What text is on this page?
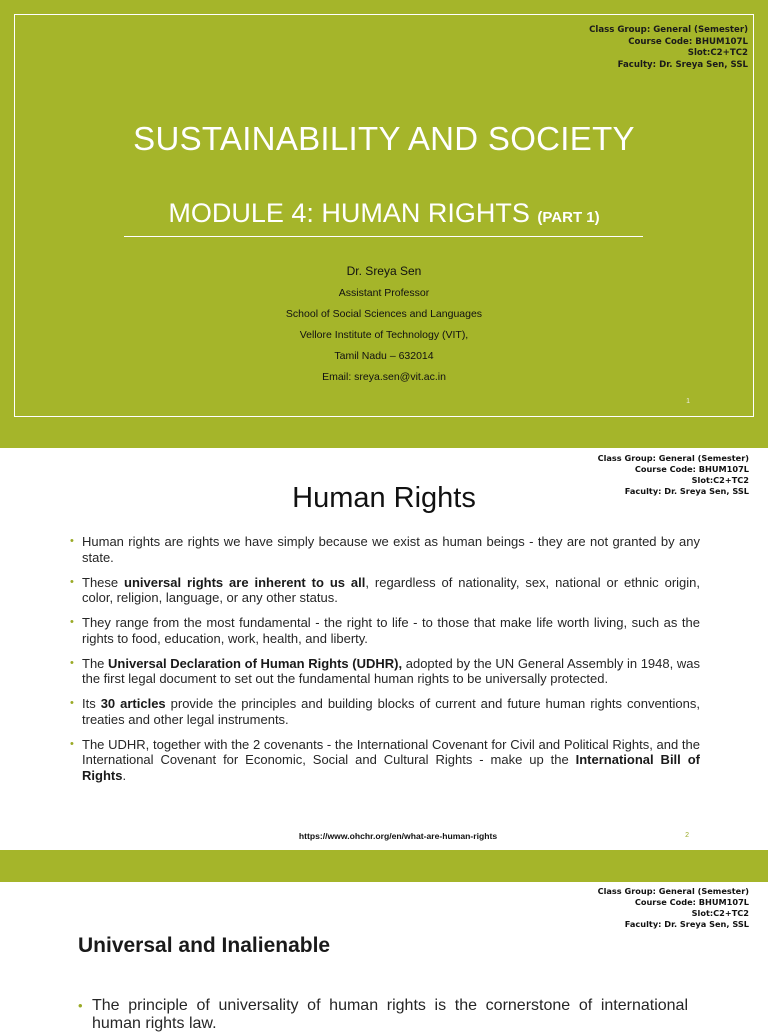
Class Group: General (Semester)
Course Code: BHUM107L
Slot:C2+TC2
Faculty: Dr. Sreya Sen, SSL
SUSTAINABILITY AND SOCIETY
MODULE 4: HUMAN RIGHTS (PART 1)
Dr. Sreya Sen
Assistant Professor
School of Social Sciences and Languages
Vellore Institute of Technology (VIT),
Tamil Nadu – 632014
Email: sreya.sen@vit.ac.in
1
Class Group: General (Semester)
Course Code: BHUM107L
Slot:C2+TC2
Faculty: Dr. Sreya Sen, SSL
Human Rights
• Human rights are rights we have simply because we exist as human beings - they are not granted by any state.
• These universal rights are inherent to us all, regardless of nationality, sex, national or ethnic origin, color, religion, language, or any other status.
• They range from the most fundamental - the right to life - to those that make life worth living, such as the rights to food, education, work, health, and liberty.
• The Universal Declaration of Human Rights (UDHR), adopted by the UN General Assembly in 1948, was the first legal document to set out the fundamental human rights to be universally protected.
• Its 30 articles provide the principles and building blocks of current and future human rights conventions, treaties and other legal instruments.
• The UDHR, together with the 2 covenants - the International Covenant for Civil and Political Rights, and the International Covenant for Economic, Social and Cultural Rights - make up the International Bill of Rights.
https://www.ohchr.org/en/what-are-human-rights	2
Class Group: General (Semester)
Course Code: BHUM107L
Slot:C2+TC2
Faculty: Dr. Sreya Sen, SSL
Universal and Inalienable
• The principle of universality of human rights is the cornerstone of international human rights law.
